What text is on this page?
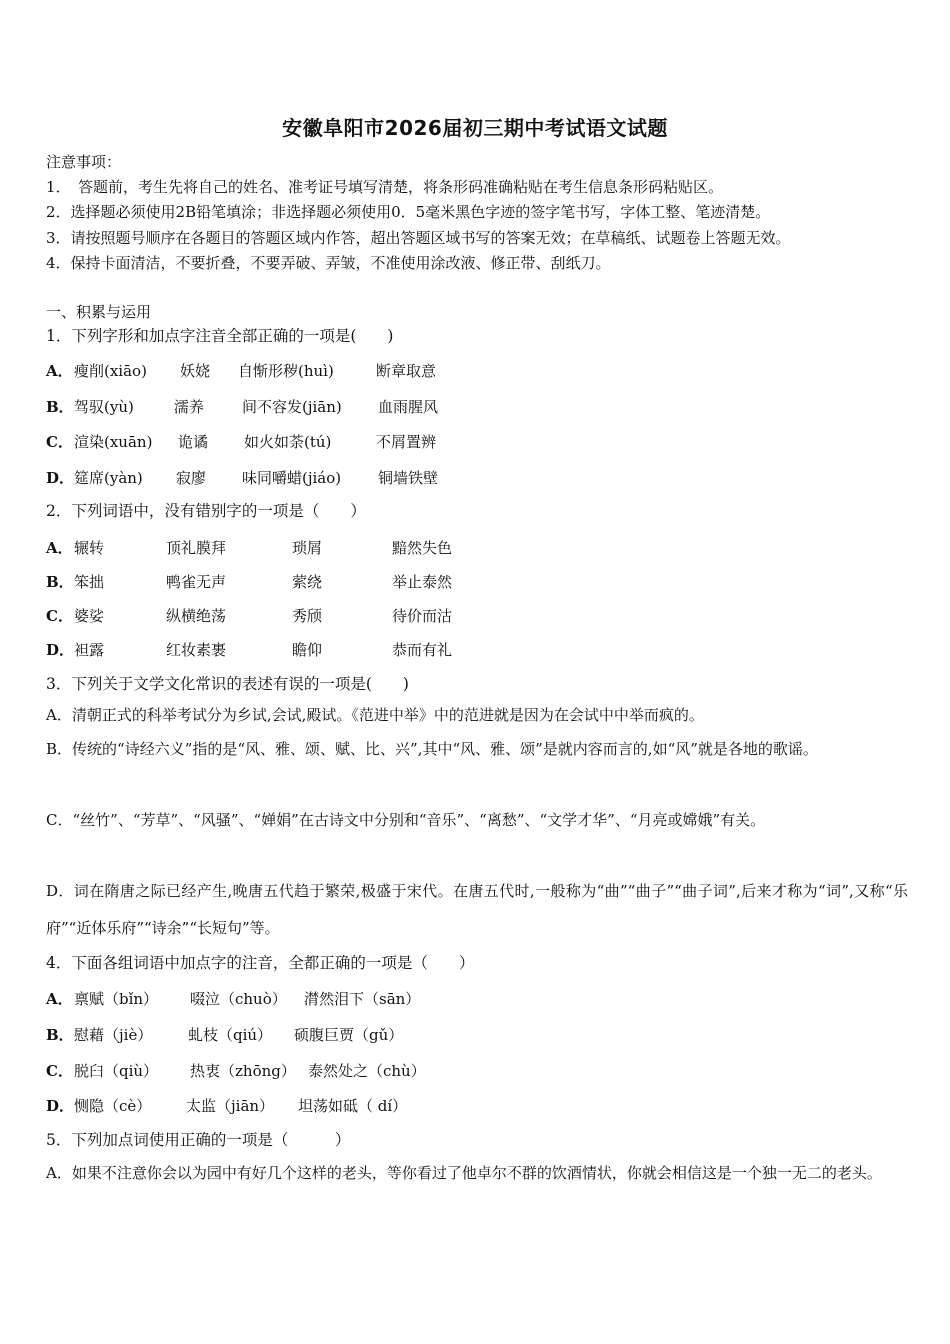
安徽阜阳市2026届初三期中考试语文试题
注意事项：
1．　答题前，考生先将自己的姓名、准考证号填写清楚，将条形码准确粘贴在考生信息条形码粘贴区。
2．选择题必须使用2B铅笔填涂；非选择题必须使用0．5毫米黑色字迹的签字笔书写，字体工整、笔迹清楚。
3．请按照题号顺序在各题目的答题区域内作答，超出答题区域书写的答案无效；在草稿纸、试题卷上答题无效。
4．保持卡面清洁，不要折叠，不要弄破、弄皱，不准使用涂改液、修正带、刮纸刀。
一、积累与运用
1．下列字形和加点字注音全部正确的一项是(　　)
A． 瘦削(xiāo) 妖娆 自惭形秽(huì)	断章取意
B． 驾驭(yù)	濡养	间不容发(jiān) 血雨腥风
C． 渲染(xuān) 诡谲 如火如荼(tú)	不屑置辨
D． 筵席(yàn) 寂廖 味同嚼蜡(jiáo) 铜墙铁壁
2．下列词语中，没有错别字的一项是（　　）
A． 辗转	顶礼膜拜	琐屑	黯然失色
B． 笨拙	鸭雀无声	萦绕	举止泰然
C． 婆娑	纵横绝荡	秀颀	待价而沽
D． 袒露	红妆素裹	瞻仰	恭而有礼
3．下列关于文学文化常识的表述有误的一项是(　　)
A．清朝正式的科举考试分为乡试,会试,殿试。《范进中举》中的范进就是因为在会试中中举而疯的。
B．传统的“诗经六义”指的是“风、雅、颂、赋、比、兴”,其中“风、雅、颂”是就内容而言的,如“风”就是各地的歌谣。
C．“丝竹”、“芳草”、“风骚”、“婵娟”在古诗文中分别和“音乐”、“离愁”、“文学才华”、“月亮或嫦娥”有关。
D．词在隋唐之际已经产生,晚唐五代趋于繁荣,极盛于宋代。在唐五代时,一般称为“曲”“曲子”“曲子词”,后来才称为“词”,又称“乐府”“近体乐府”“诗余”“长短句”等。
4．下面各组词语中加点字的注音，全都正确的一项是（　　）
A． 禀赋（bǐn） 啜泣（chuò） 潸然泪下（sān）
B． 慰藉（jiè） 虬枝（qiú） 硕腹巨贾（gǔ）
C． 脱臼（qiù） 热衷（zhōng） 泰然处之（chù）
D． 恻隐（cè） 太监（jiān） 坦荡如砥（ dí）
5．下列加点词使用正确的一项是（　　　）
A．如果不注意你会以为园中有好几个这样的老头，等你看过了他卓尔不群的饮酒情状，你就会相信这是一个独一无二的老头。
